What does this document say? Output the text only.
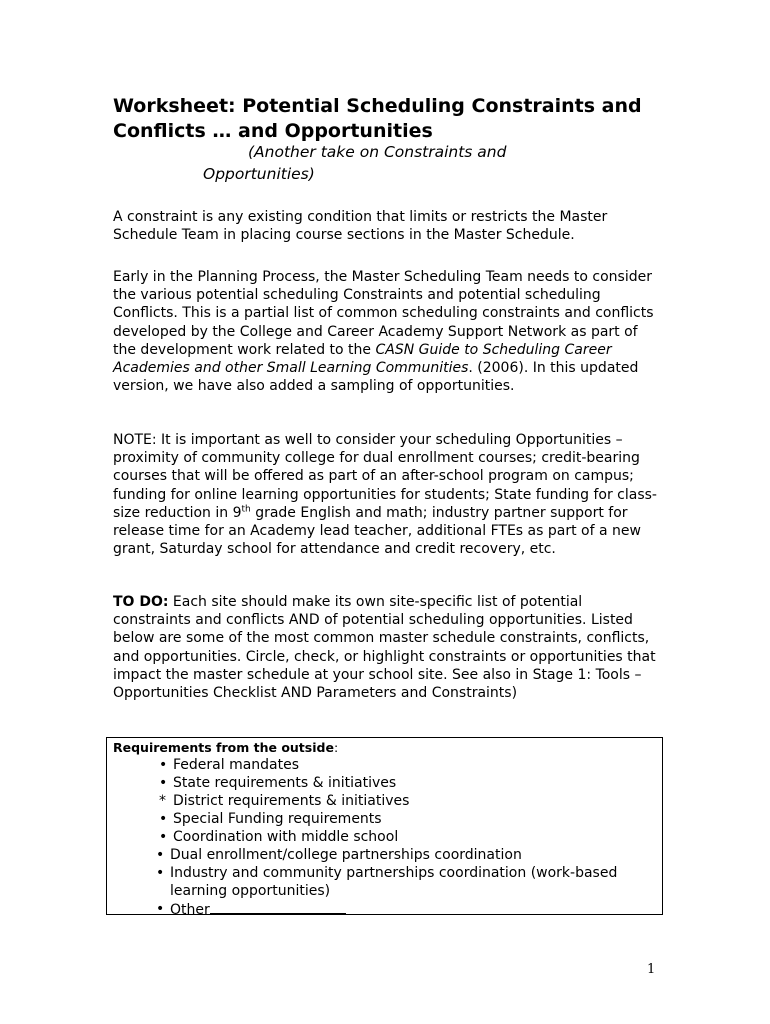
Worksheet: Potential Scheduling Constraints and Conflicts … and Opportunities
(Another take on Constraints and
Opportunities)

A constraint is any existing condition that limits or restricts the Master Schedule Team in placing course sections in the Master Schedule.

Early in the Planning Process, the Master Scheduling Team needs to consider the various potential scheduling Constraints and potential scheduling Conflicts. This is a partial list of common scheduling constraints and conflicts developed by the College and Career Academy Support Network as part of the development work related to the CASN Guide to Scheduling Career Academies and other Small Learning Communities. (2006). In this updated version, we have also added a sampling of opportunities.

NOTE: It is important as well to consider your scheduling Opportunities – proximity of community college for dual enrollment courses; credit-bearing courses that will be offered as part of an after-school program on campus; funding for online learning opportunities for students; State funding for class-size reduction in 9th grade English and math; industry partner support for release time for an Academy lead teacher, additional FTEs as part of a new grant, Saturday school for attendance and credit recovery, etc.

TO DO: Each site should make its own site-specific list of potential constraints and conflicts AND of potential scheduling opportunities. Listed below are some of the most common master schedule constraints, conflicts, and opportunities. Circle, check, or highlight constraints or opportunities that impact the master schedule at your school site. See also in Stage 1: Tools – Opportunities Checklist AND Parameters and Constraints)

Requirements from the outside:
• Federal mandates
• State requirements & initiatives
* District requirements & initiatives
• Special Funding requirements
• Coordination with middle school
• Dual enrollment/college partnerships coordination
• Industry and community partnerships coordination (work-based learning opportunities)
• Other
1
